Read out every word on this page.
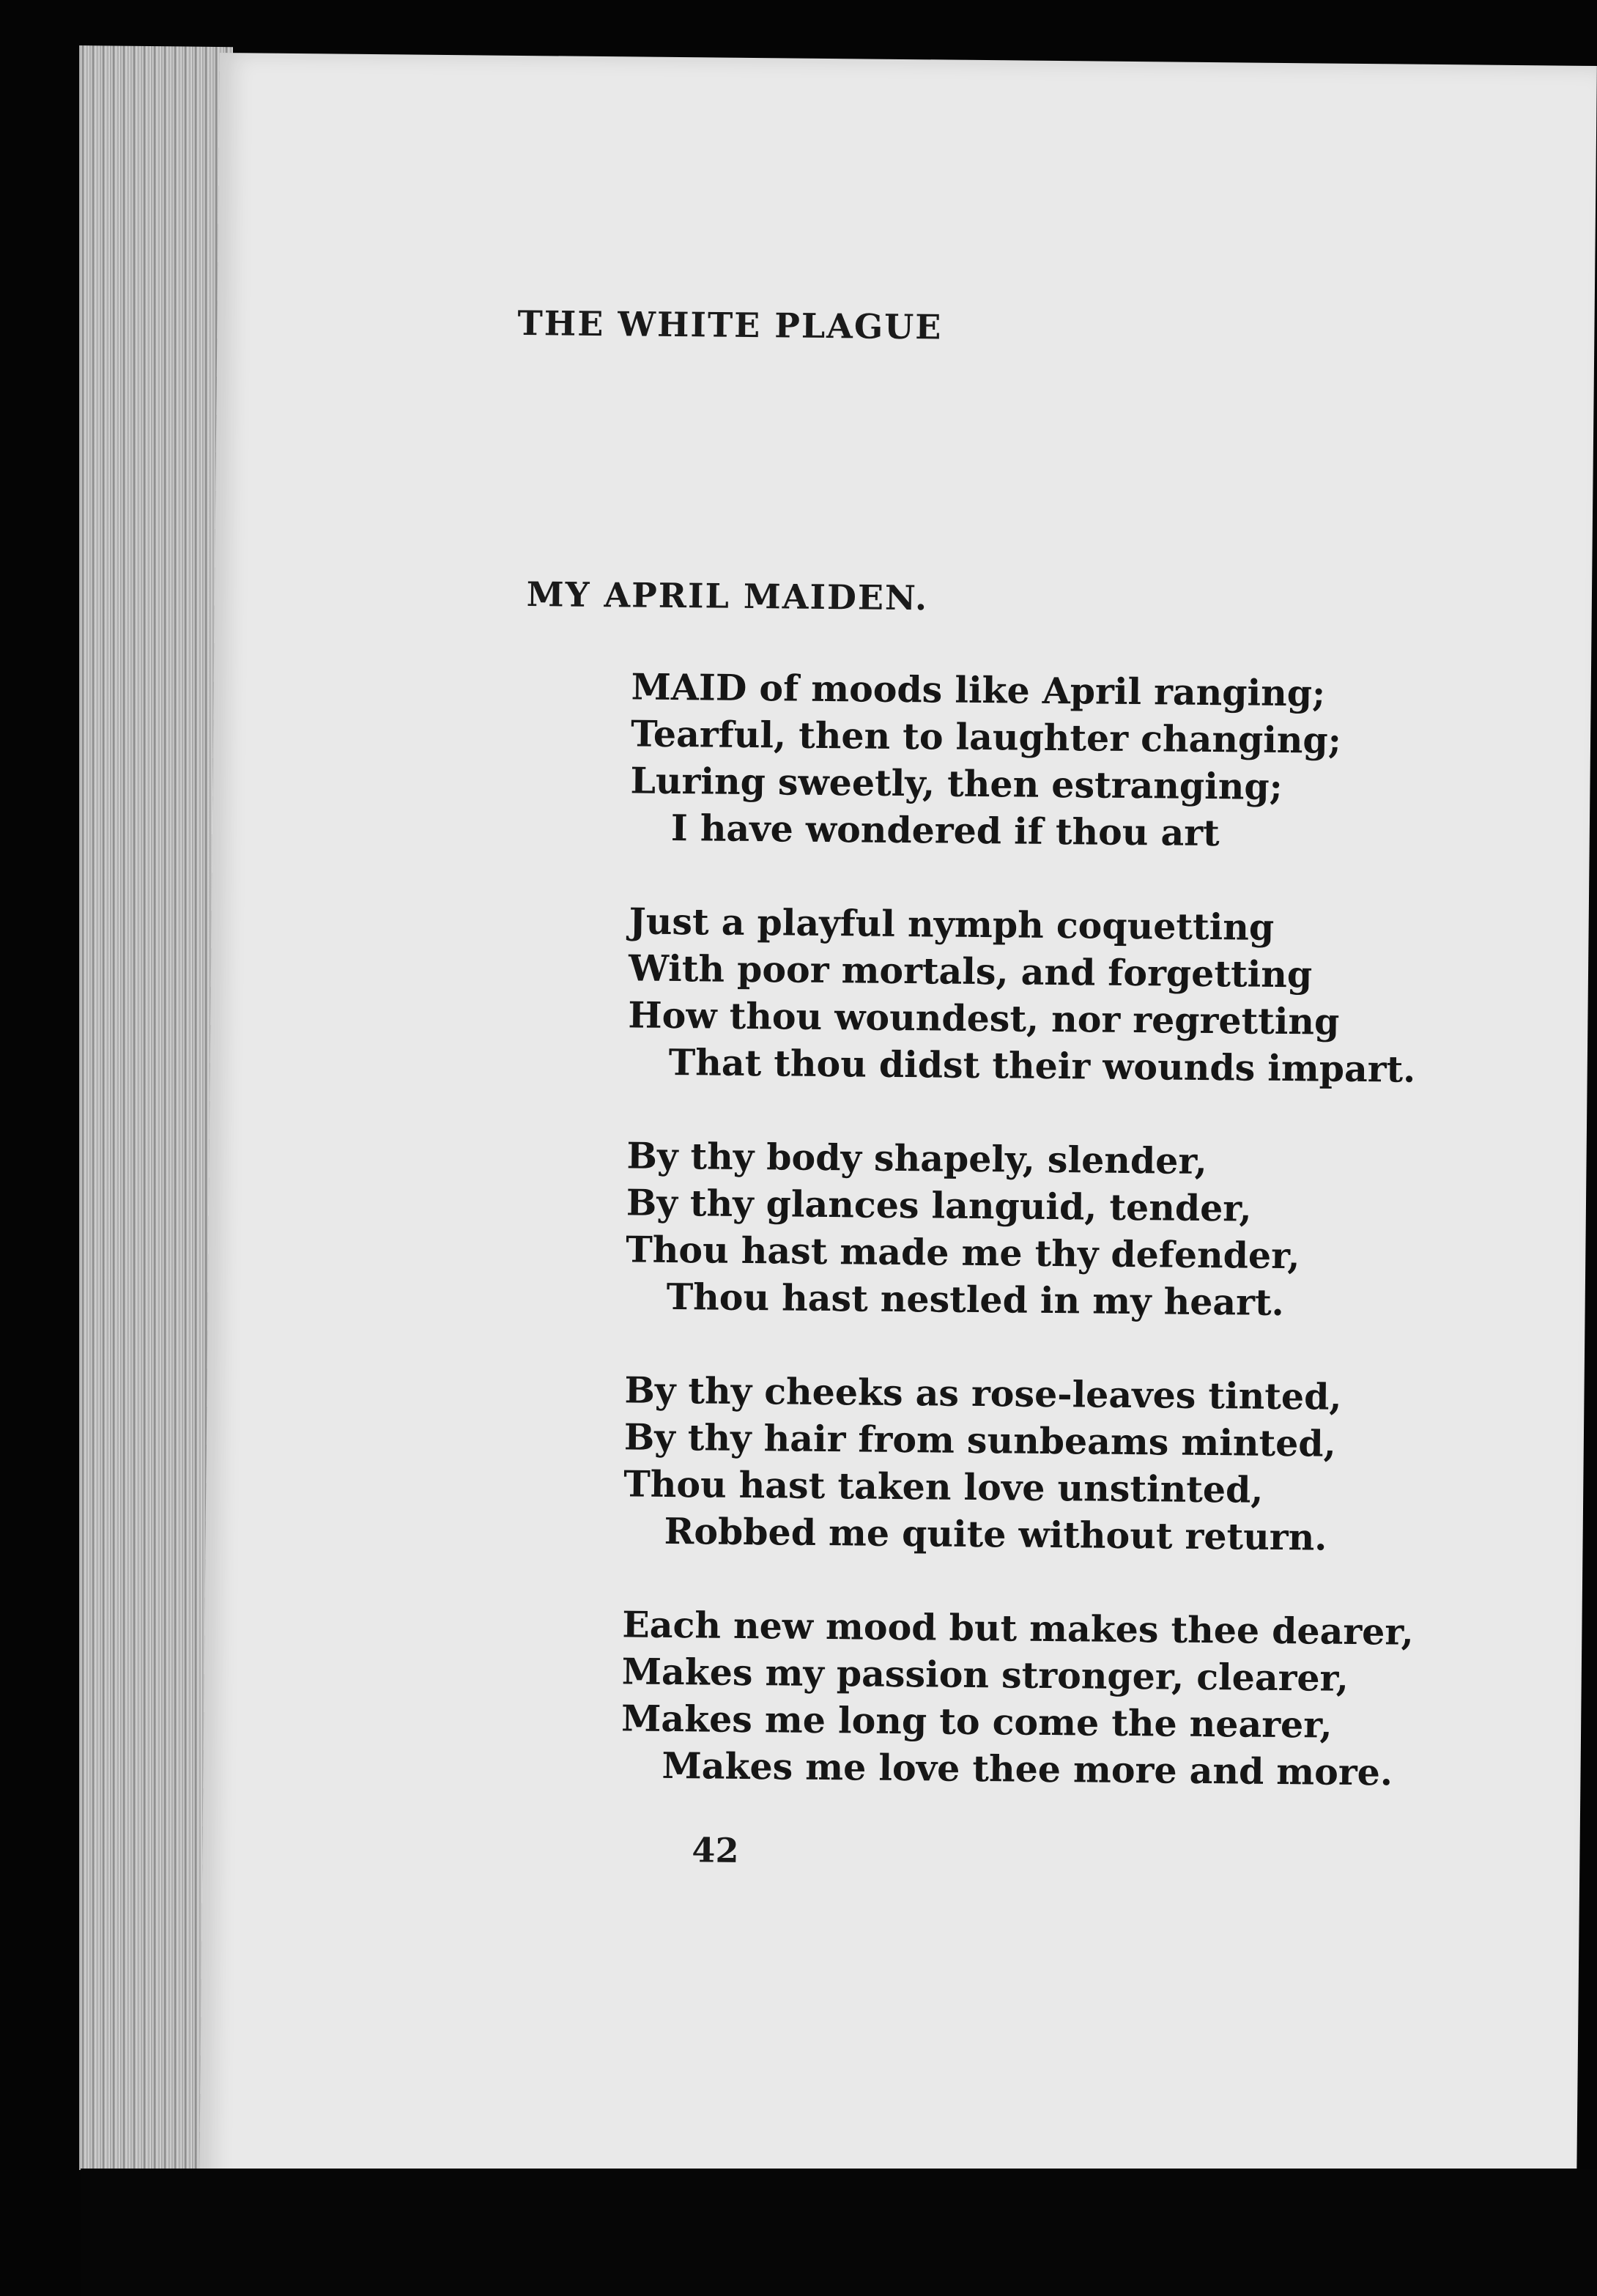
THE WHITE PLAGUE
MY APRIL MAIDEN.
MAID of moods like April ranging;
Tearful, then to laughter changing;
Luring sweetly, then estranging;
I have wondered if thou art
Just a playful nymph coquetting
With poor mortals, and forgetting
How thou woundest, nor regretting
That thou didst their wounds impart.
By thy body shapely, slender,
By thy glances languid, tender,
Thou hast made me thy defender,
Thou hast nestled in my heart.
By thy cheeks as rose-leaves tinted,
By thy hair from sunbeams minted,
Thou hast taken love unstinted,
Robbed me quite without return.
Each new mood but makes thee dearer,
Makes my passion stronger, clearer,
Makes me long to come the nearer,
Makes me love thee more and more.
42
